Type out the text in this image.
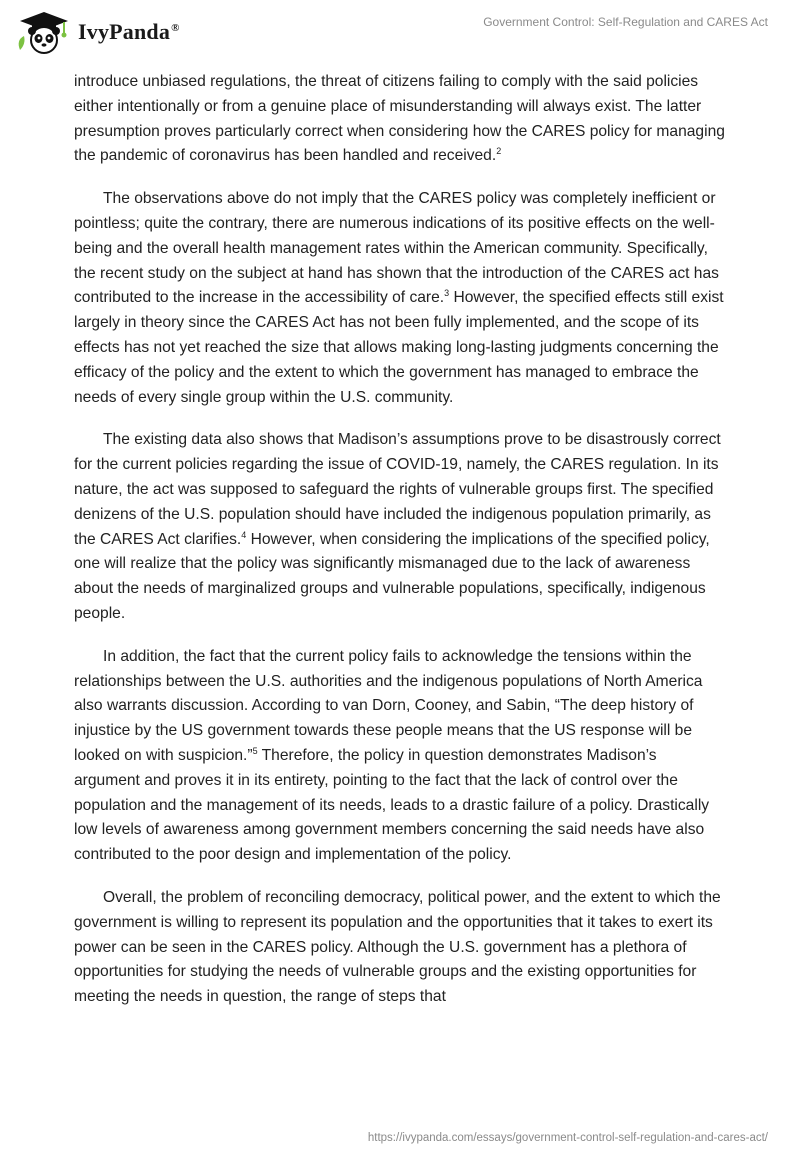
IvyPanda®	Government Control: Self-Regulation and CARES Act

introduce unbiased regulations, the threat of citizens failing to comply with the said policies either intentionally or from a genuine place of misunderstanding will always exist. The latter presumption proves particularly correct when considering how the CARES policy for managing the pandemic of coronavirus has been handled and received.$^2$

The observations above do not imply that the CARES policy was completely inefficient or pointless; quite the contrary, there are numerous indications of its positive effects on the well-being and the overall health management rates within the American community. Specifically, the recent study on the subject at hand has shown that the introduction of the CARES act has contributed to the increase in the accessibility of care.$^3$ However, the specified effects still exist largely in theory since the CARES Act has not been fully implemented, and the scope of its effects has not yet reached the size that allows making long-lasting judgments concerning the efficacy of the policy and the extent to which the government has managed to embrace the needs of every single group within the U.S. community.

The existing data also shows that Madison’s assumptions prove to be disastrously correct for the current policies regarding the issue of COVID-19, namely, the CARES regulation. In its nature, the act was supposed to safeguard the rights of vulnerable groups first. The specified denizens of the U.S. population should have included the indigenous population primarily, as the CARES Act clarifies.$^4$ However, when considering the implications of the specified policy, one will realize that the policy was significantly mismanaged due to the lack of awareness about the needs of marginalized groups and vulnerable populations, specifically, indigenous people.

In addition, the fact that the current policy fails to acknowledge the tensions within the relationships between the U.S. authorities and the indigenous populations of North America also warrants discussion. According to van Dorn, Cooney, and Sabin, “The deep history of injustice by the US government towards these people means that the US response will be looked on with suspicion.”$^5$ Therefore, the policy in question demonstrates Madison’s argument and proves it in its entirety, pointing to the fact that the lack of control over the population and the management of its needs, leads to a drastic failure of a policy. Drastically low levels of awareness among government members concerning the said needs have also contributed to the poor design and implementation of the policy.

Overall, the problem of reconciling democracy, political power, and the extent to which the government is willing to represent its population and the opportunities that it takes to exert its power can be seen in the CARES policy. Although the U.S. government has a plethora of opportunities for studying the needs of vulnerable groups and the existing opportunities for meeting the needs in question, the range of steps that

https://ivypanda.com/essays/government-control-self-regulation-and-cares-act/
